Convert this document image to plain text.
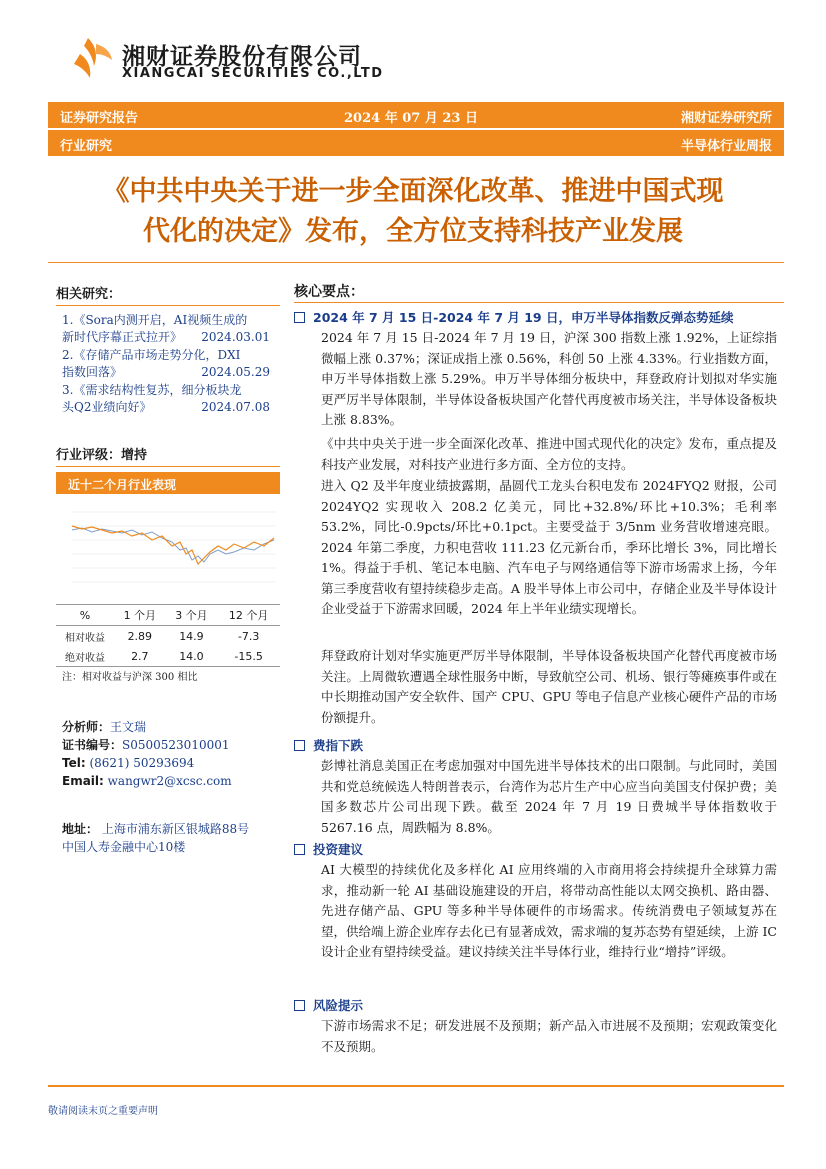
湘财证券股份有限公司
XIANGCAI SECURITIES CO.,LTD
证券研究报告	2024 年 07 月 23 日	湘财证券研究所
行业研究	半导体行业周报
《中共中央关于进一步全面深化改革、推进中国式现
代化的决定》发布，全方位支持科技产业发展
相关研究：
1.《Sora内测开启，AI视频生成的
新时代序幕正式拉开》 2024.03.01
2.《存储产品市场走势分化，DXI
指数回落》	2024.05.29
3.《需求结构性复苏，细分板块龙
头Q2业绩向好》	2024.07.08
行业评级：增持
近十二个月行业表现
%	1 个月	3 个月	12 个月
相对收益	2.89	14.9	-7.3
绝对收益	2.7	14.0	-15.5
注：相对收益与沪深 300 相比
分析师：王文瑞
证书编号：S0500523010001
Tel: (8621) 50293694
Email: wangwr2@xcsc.com
地址： 上海市浦东新区银城路88号
中国人寿金融中心10楼
核心要点：
2024 年 7 月 15 日-2024 年 7 月 19 日，申万半导体指数反弹态势延续
2024 年 7 月 15 日-2024 年 7 月 19 日，沪深 300 指数上涨 1.92%，上证综指微幅上涨 0.37%；深证成指上涨 0.56%，科创 50 上涨 4.33%。行业指数方面，申万半导体指数上涨 5.29%。申万半导体细分板块中，拜登政府计划拟对华实施更严厉半导体限制，半导体设备板块国产化替代再度被市场关注，半导体设备板块上涨 8.83%。
《中共中央关于进一步全面深化改革、推进中国式现代化的决定》发布，重点提及科技产业发展，对科技产业进行多方面、全方位的支持。
进入 Q2 及半年度业绩披露期，晶圆代工龙头台积电发布 2024FYQ2 财报，公司 2024YQ2 实现收入 208.2 亿美元，同比+32.8%/环比+10.3%；毛利率 53.2%，同比-0.9pcts/环比+0.1pct。主要受益于 3/5nm 业务营收增速亮眼。2024 年第二季度，力积电营收 111.23 亿元新台币，季环比增长 3%，同比增长 1%。得益于手机、笔记本电脑、汽车电子与网络通信等下游市场需求上扬，今年第三季度营收有望持续稳步走高。A 股半导体上市公司中，存储企业及半导体设计企业受益于下游需求回暖，2024 年上半年业绩实现增长。
拜登政府计划对华实施更严厉半导体限制，半导体设备板块国产化替代再度被市场关注。上周微软遭遇全球性服务中断，导致航空公司、机场、银行等瘫痪事件或在中长期推动国产安全软件、国产 CPU、GPU 等电子信息产业核心硬件产品的市场份额提升。
费指下跌
彭博社消息美国正在考虑加强对中国先进半导体技术的出口限制。与此同时，美国共和党总统候选人特朗普表示，台湾作为芯片生产中心应当向美国支付保护费；美国多数芯片公司出现下跌。截至 2024 年 7 月 19 日费城半导体指数收于 5267.16 点，周跌幅为 8.8%。
投资建议
AI 大模型的持续优化及多样化 AI 应用终端的入市商用将会持续提升全球算力需求，推动新一轮 AI 基础设施建设的开启，将带动高性能以太网交换机、路由器、先进存储产品、GPU 等多种半导体硬件的市场需求。传统消费电子领域复苏在望，供给端上游企业库存去化已有显著成效，需求端的复苏态势有望延续，上游 IC 设计企业有望持续受益。建议持续关注半导体行业，维持行业“增持”评级。
风险提示
下游市场需求不足；研发进展不及预期；新产品入市进展不及预期；宏观政策变化不及预期。
敬请阅读末页之重要声明
